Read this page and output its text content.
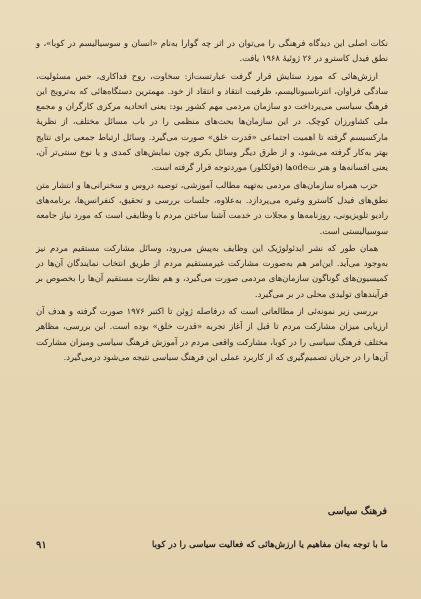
نکات اصلی این دیدگاه فرهنگی را می‌توان در اثر چه گوارا به‌نام «انسان و سوسیالیسم در کوبا»، و نطق فیدل کاسترو در ۲۶ ژوئیهٔ ۱۹۶۸ یافت.

ارزش‌هائی که مورد ستایش قرار گرفت عبارتست‌از: سخاوت، روح فداکاری، حس مسئولیت، سادگی فراوان، انترناسیونالیسم، ظرفیت انتقاد و انتقاد از خود. مهمترین دستگاه‌هائی که به‌ترویج این فرهنگ سیاسی می‌پرداخت دو سازمان مردمی مهم کشور بود: یعنی اتحادیه مرکزی کارگران و مجمع ملی کشاورزان کوچک. در این سازمان‌ها بحث‌های منظمی را در باب مسائل مختلف، از نظریهٔ مارکسیسم گرفته تا اهمیت اجتماعی «قدرت خلق» صورت می‌گیرد. وسائل ارتباط جمعی برای نتایج بهتر به‌کار گرفته می‌شود، و از طرق دیگر وسائل بکری چون نمایش‌های کمدی و یا نوع سنتی‌تر آن، یعنی افسانه‌ها و هنر تode‌ها (فولکلور) موردتوجه قرار گرفته است.

حزب همراه سازمان‌های مردمی به‌تهیه مطالب آموزشی، توصیه دروس و سخنرانی‌ها و انتشار متن نطق‌های فیدل کاسترو وغیره می‌پردازد. به‌علاوه، جلسات بررسی و تحقیق، کنفرانس‌ها، برنامه‌های رادیو تلویزیونی، روزنامه‌ها و مجلات در خدمت آشنا ساختن مردم با وظایفی است که مورد نیاز جامعه سوسیالیستی است.

همان طور که نشر ایدئولوژیک این وظایف به‌پیش می‌رود، وسائل مشارکت مستقیم مردم نیز به‌وجود می‌آید. این‌امر هم به‌صورت مشارکت غیرمستقیم مردم از طریق انتخاب نمایندگان آن‌ها در کمیسیون‌های گوناگون سازمان‌های مردمی صورت می‌گیرد، و هم نظارت مستقیم آن‌ها را بخصوص بر فرآیندهای تولیدی محلی در بر می‌گیرد.

بررسی زیر نمونه‌ئی از مطالعاتی است که درفاصله ژوئن تا اکتبر ۱۹۷۶ صورت گرفته و هدف آن ارزیابی میزان مشارکت مردم تا قبل از آغاز تجربه «قدرت خلق» بوده است. این بررسی، مظاهر مختلف فرهنگ سیاسی را در کوبا، مشارکت واقعی مردم در آموزش فرهنگ سیاسی ومیزان مشارکت آن‌ها را در جریان تصمیم‌گیری که از کاربرد عملی این فرهنگ سیاسی نتیجه می‌شود درمی‌گیرد.

فرهنگ سیاسی
ما با توجه به‌آن مفاهیم یا ارزش‌هائی که فعالیت سیاسی را در کوبا
۹۱
